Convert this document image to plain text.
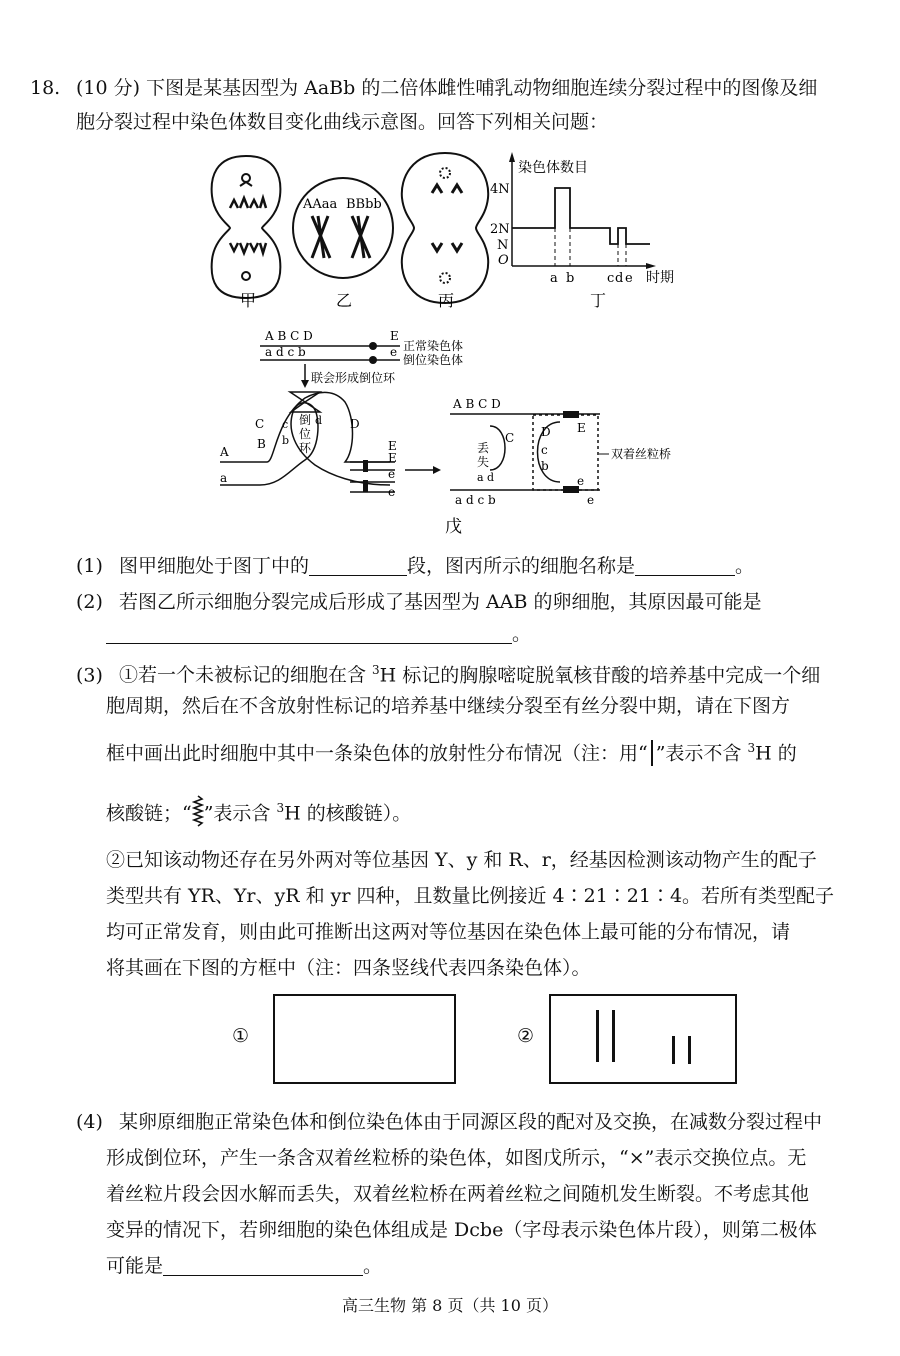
18. (10 分) 下图是某基因型为 AaBb 的二倍体雌性哺乳动物细胞连续分裂过程中的图像及细
胞分裂过程中染色体数目变化曲线示意图。回答下列相关问题：
AAaa BBbb
染色体数目
时期
4N
2N
N
O
a b	c d e
甲	乙	丙	丁
A B C D	E
a d c b	e 正常染色体
倒位染色体
联会形成倒位环
A
a
B
C
b
c d D
E
e
E
e
倒
位
环
A B C D
a d c b
丢
失
C
a d
D
c
b
E
e
e
双着丝粒桥
戊
(1) 图甲细胞处于图丁中的	段，图丙所示的细胞名称是	。
(2) 若图乙所示细胞分裂完成后形成了基因型为 AAB 的卵细胞，其原因最可能是
。
(3) ①若一个未被标记的细胞在含 $^3$H 标记的胸腺嘧啶脱氧核苷酸的培养基中完成一个细
胞周期，然后在不含放射性标记的培养基中继续分裂至有丝分裂中期，请在下图方
框中画出此时细胞中其中一条染色体的放射性分布情况（注：用“ ”表示不含 $^3$H 的
核酸链；“ ”表示含 $^3$H 的核酸链）。
②已知该动物还存在另外两对等位基因 Y、y 和 R、r，经基因检测该动物产生的配子
类型共有 YR、Yr、yR 和 yr 四种，且数量比例接近 4∶21∶21∶4。若所有类型配子
均可正常发育，则由此可推断出这两对等位基因在染色体上最可能的分布情况，请
将其画在下图的方框中（注：四条竖线代表四条染色体）。
①	②
(4) 某卵原细胞正常染色体和倒位染色体由于同源区段的配对及交换，在减数分裂过程中
形成倒位环，产生一条含双着丝粒桥的染色体，如图戊所示，“×”表示交换位点。无
着丝粒片段会因水解而丢失，双着丝粒桥在两着丝粒之间随机发生断裂。不考虑其他
变异的情况下，若卵细胞的染色体组成是 Dcbe（字母表示染色体片段），则第二极体
可能是	。
高三生物 第 8 页（共 10 页）
